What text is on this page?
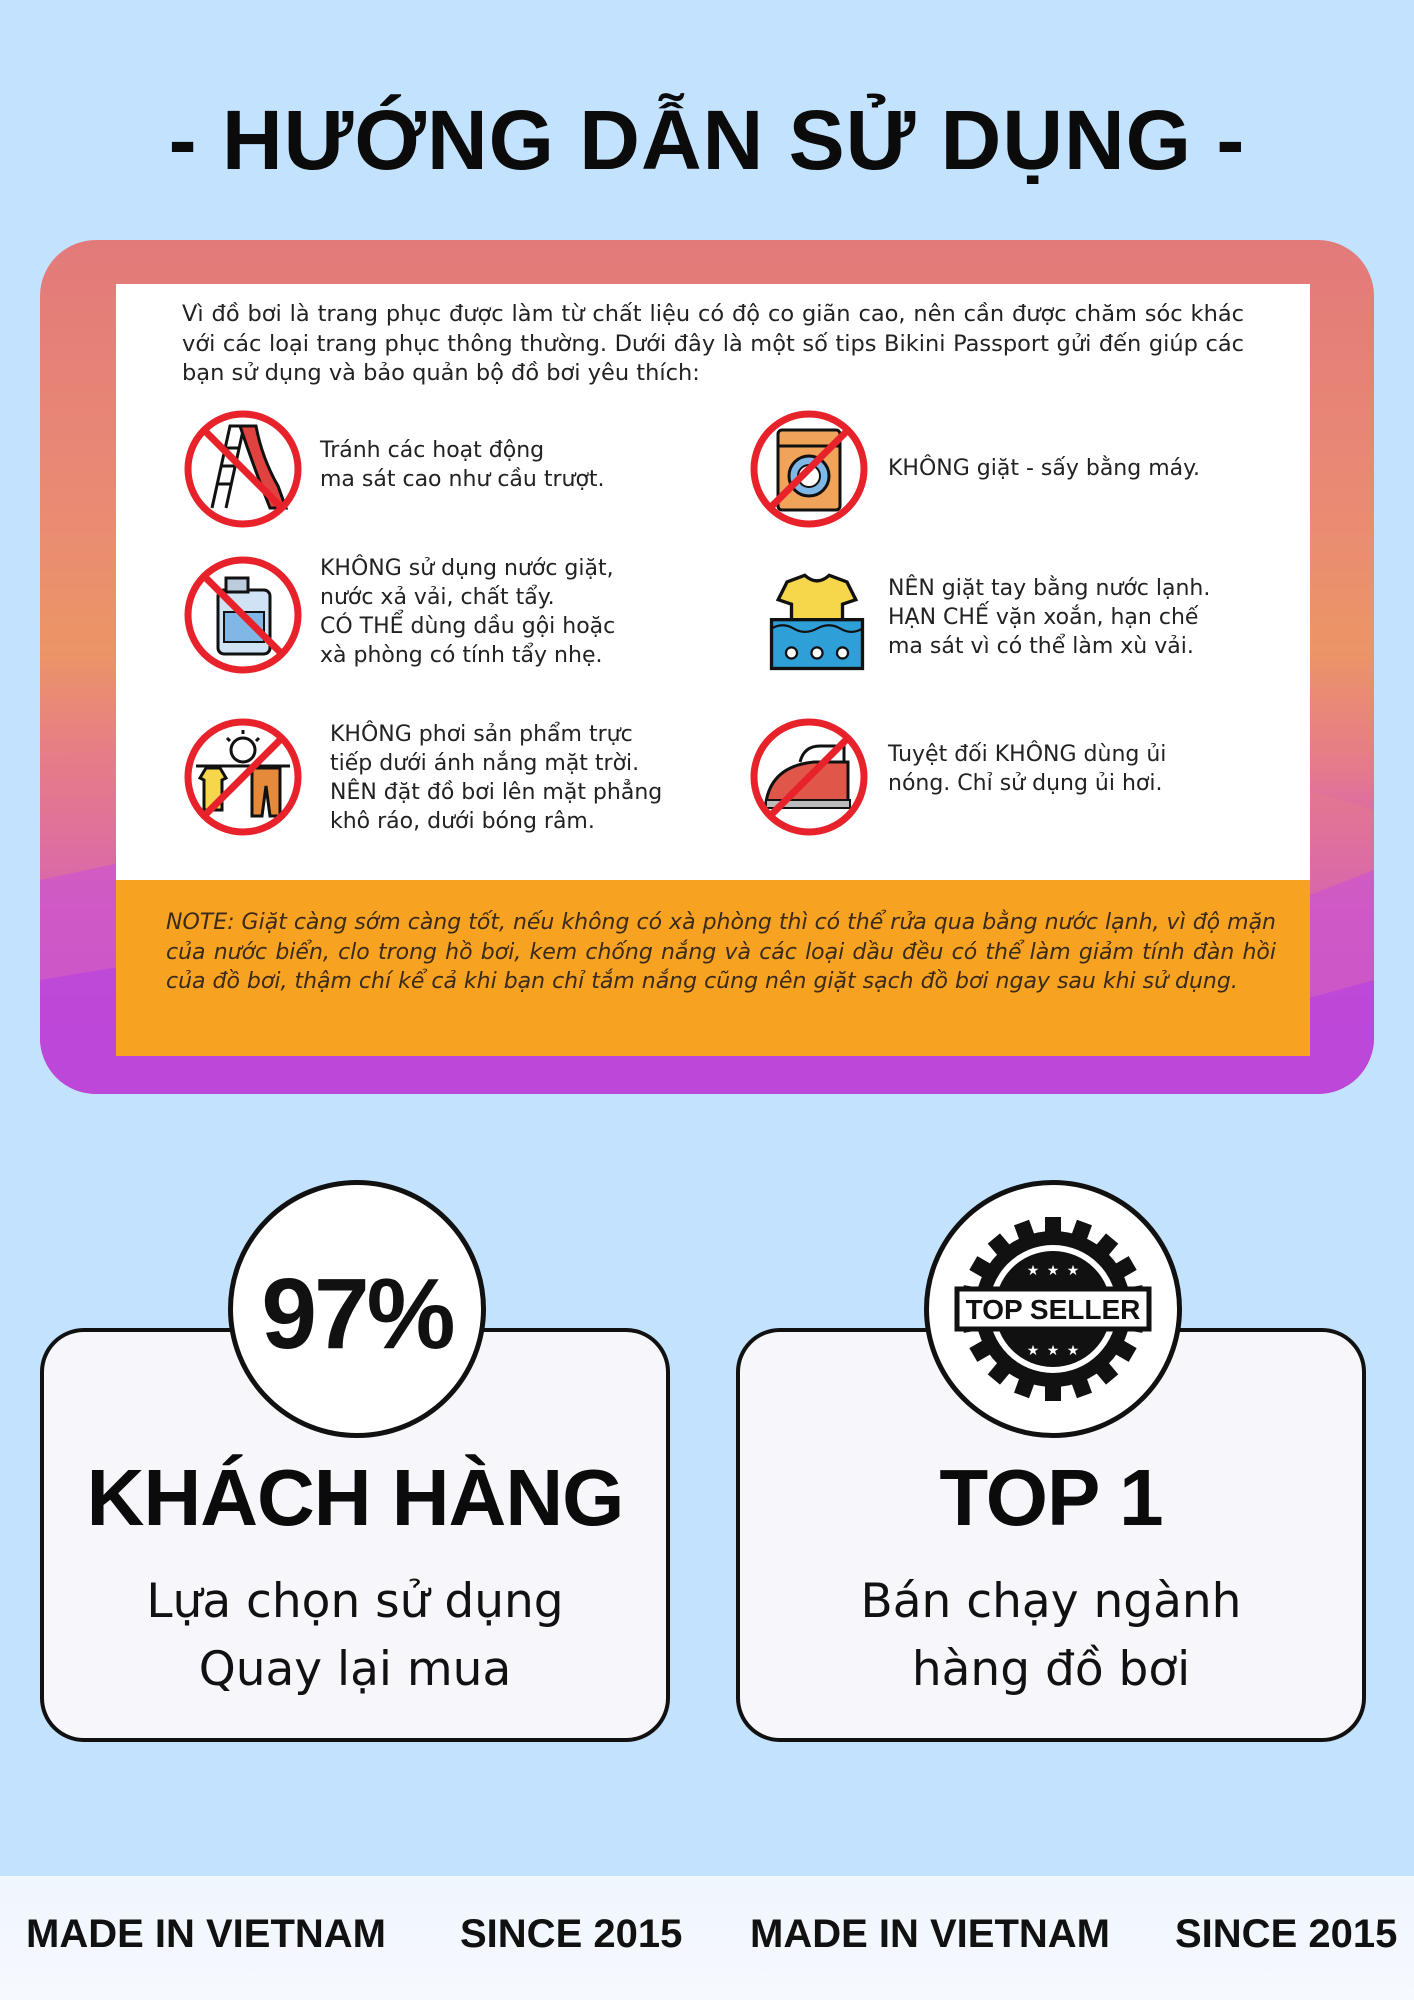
- HƯỚNG DẪN SỬ DỤNG -
Vì đồ bơi là trang phục được làm từ chất liệu có độ co giãn cao, nên cần được chăm sóc khác với các loại trang phục thông thường. Dưới đây là một số tips Bikini Passport gửi đến giúp các bạn sử dụng và bảo quản bộ đồ bơi yêu thích:
Tránh các hoạt động
ma sát cao như cầu trượt.	KHÔNG giặt - sấy bằng máy.
KHÔNG sử dụng nước giặt,
nước xả vải, chất tẩy.
CÓ THỂ dùng dầu gội hoặc
xà phòng có tính tẩy nhẹ.
NÊN giặt tay bằng nước lạnh.
HẠN CHẾ vặn xoắn, hạn chế
ma sát vì có thể làm xù vải.
KHÔNG phơi sản phẩm trực
tiếp dưới ánh nắng mặt trời.
NÊN đặt đồ bơi lên mặt phẳng
khô ráo, dưới bóng râm.
Tuyệt đối KHÔNG dùng ủi
nóng. Chỉ sử dụng ủi hơi.

NOTE: Giặt càng sớm càng tốt, nếu không có xà phòng thì có thể rửa qua bằng nước lạnh, vì độ mặn của nước biển, clo trong hồ bơi, kem chống nắng và các loại dầu đều có thể làm giảm tính đàn hồi của đồ bơi, thậm chí kể cả khi bạn chỉ tắm nắng cũng nên giặt sạch đồ bơi ngay sau khi sử dụng.

KHÁCH HÀNG
Lựa chọn sử dụng
Quay lại mua
97%
TOP 1
Bán chạy ngành
hàng đồ bơi
★ ★ ★
★ ★ ★
TOP SELLER
MADE IN VIETNAM SINCE 2015 MADE IN VIETNAM SINCE 2015
